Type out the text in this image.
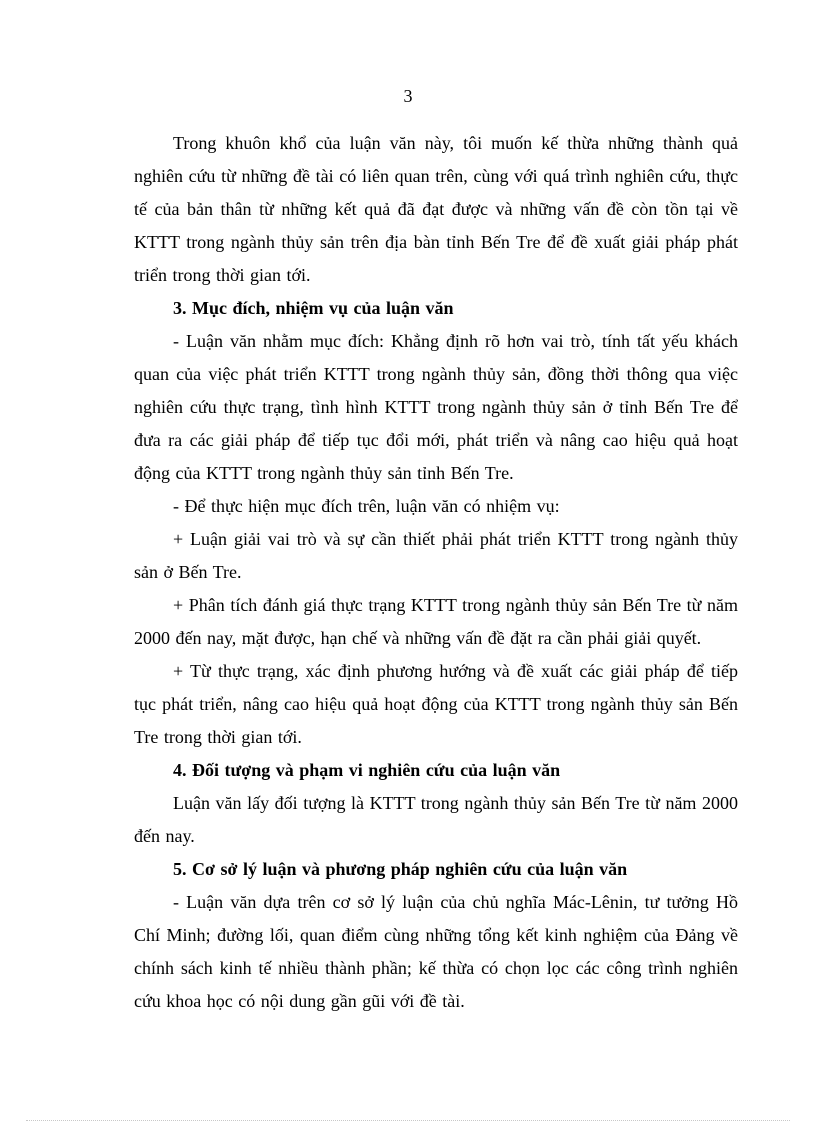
3

Trong khuôn khổ của luận văn này, tôi muốn kế thừa những thành quả nghiên cứu từ những đề tài có liên quan trên, cùng với quá trình nghiên cứu, thực tế của bản thân từ những kết quả đã đạt được và những vấn đề còn tồn tại về KTTT trong ngành thủy sản trên địa bàn tỉnh Bến Tre để đề xuất giải pháp phát triển trong thời gian tới.

3. Mục đích, nhiệm vụ của luận văn

- Luận văn nhằm mục đích: Khẳng định rõ hơn vai trò, tính tất yếu khách quan của việc phát triển KTTT trong ngành thủy sản, đồng thời thông qua việc nghiên cứu thực trạng, tình hình KTTT trong ngành thủy sản ở tỉnh Bến Tre để đưa ra các giải pháp để tiếp tục đổi mới, phát triển và nâng cao hiệu quả hoạt động của KTTT trong ngành thủy sản tỉnh Bến Tre.

- Để thực hiện mục đích trên, luận văn có nhiệm vụ:

+ Luận giải vai trò và sự cần thiết phải phát triển KTTT trong ngành thủy sản ở Bến Tre.

+ Phân tích đánh giá thực trạng KTTT trong ngành thủy sản Bến Tre từ năm 2000 đến nay, mặt được, hạn chế và những vấn đề đặt ra cần phải giải quyết.

+ Từ thực trạng, xác định phương hướng và đề xuất các giải pháp để tiếp tục phát triển, nâng cao hiệu quả hoạt động của KTTT trong ngành thủy sản Bến Tre trong thời gian tới.

4. Đối tượng và phạm vi nghiên cứu của luận văn

Luận văn lấy đối tượng là KTTT trong ngành thủy sản Bến Tre từ năm 2000 đến nay.

5. Cơ sở lý luận và phương pháp nghiên cứu của luận văn

- Luận văn dựa trên cơ sở lý luận của chủ nghĩa Mác-Lênin, tư tưởng Hồ Chí Minh; đường lối, quan điểm cùng những tổng kết kinh nghiệm của Đảng về chính sách kinh tế nhiều thành phần; kế thừa có chọn lọc các công trình nghiên cứu khoa học có nội dung gần gũi với đề tài.
